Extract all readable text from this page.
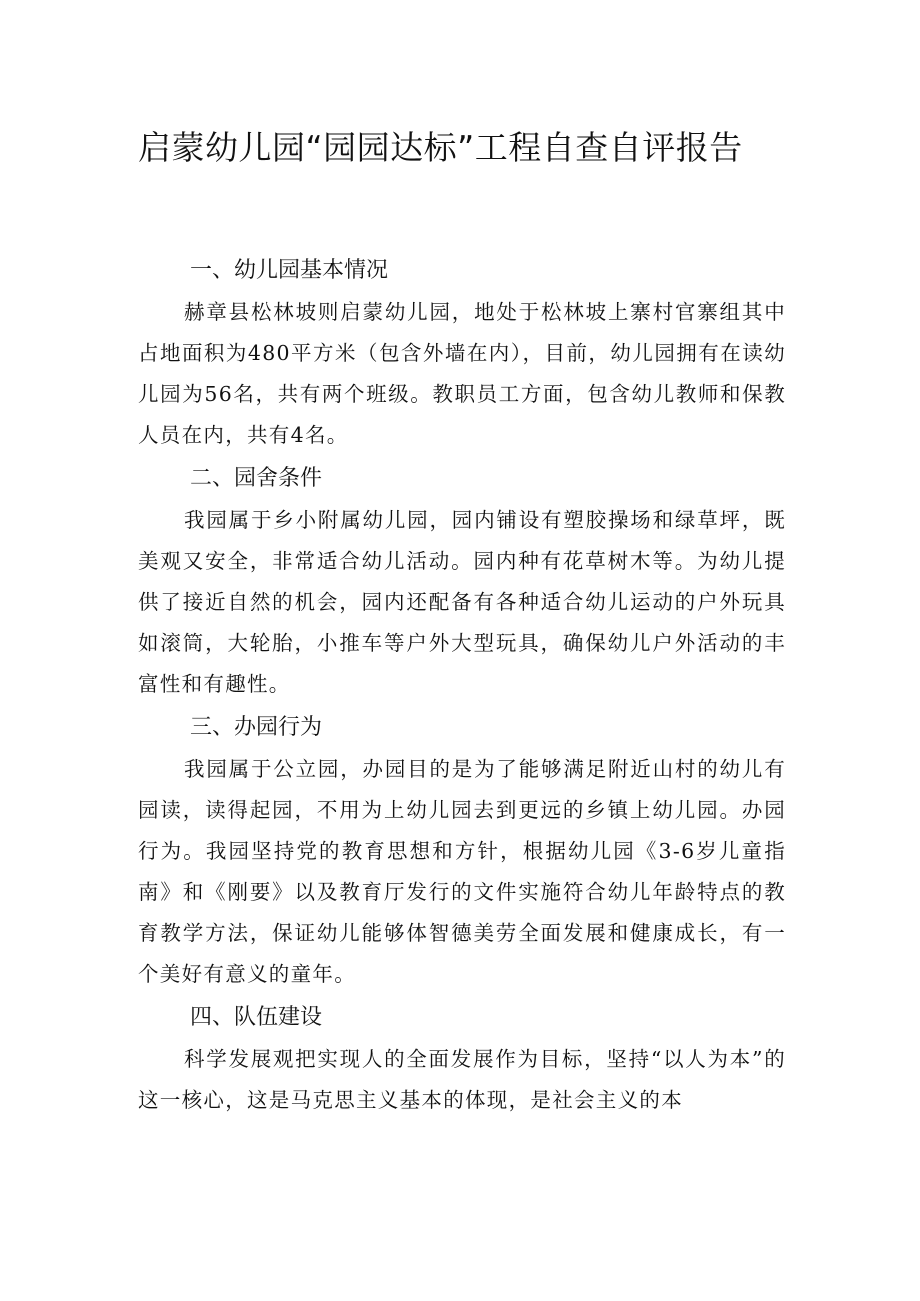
启蒙幼儿园“园园达标”工程自查自评报告
一、幼儿园基本情况

赫章县松林坡则启蒙幼儿园，地处于松林坡上寨村官寨组其中占地面积为480平方米（包含外墙在内），目前，幼儿园拥有在读幼儿园为56名，共有两个班级。教职员工方面，包含幼儿教师和保教人员在内，共有4名。

二、园舍条件

我园属于乡小附属幼儿园，园内铺设有塑胶操场和绿草坪，既美观又安全，非常适合幼儿活动。园内种有花草树木等。为幼儿提供了接近自然的机会，园内还配备有各种适合幼儿运动的户外玩具如滚筒，大轮胎，小推车等户外大型玩具，确保幼儿户外活动的丰富性和有趣性。

三、办园行为

我园属于公立园，办园目的是为了能够满足附近山村的幼儿有园读，读得起园，不用为上幼儿园去到更远的乡镇上幼儿园。办园行为。我园坚持党的教育思想和方针，根据幼儿园《3-6岁儿童指南》和《刚要》以及教育厅发行的文件实施符合幼儿年龄特点的教育教学方法，保证幼儿能够体智德美劳全面发展和健康成长，有一个美好有意义的童年。

四、队伍建设

科学发展观把实现人的全面发展作为目标，坚持“以人为本”的这一核心，这是马克思主义基本的体现，是社会主义的本
